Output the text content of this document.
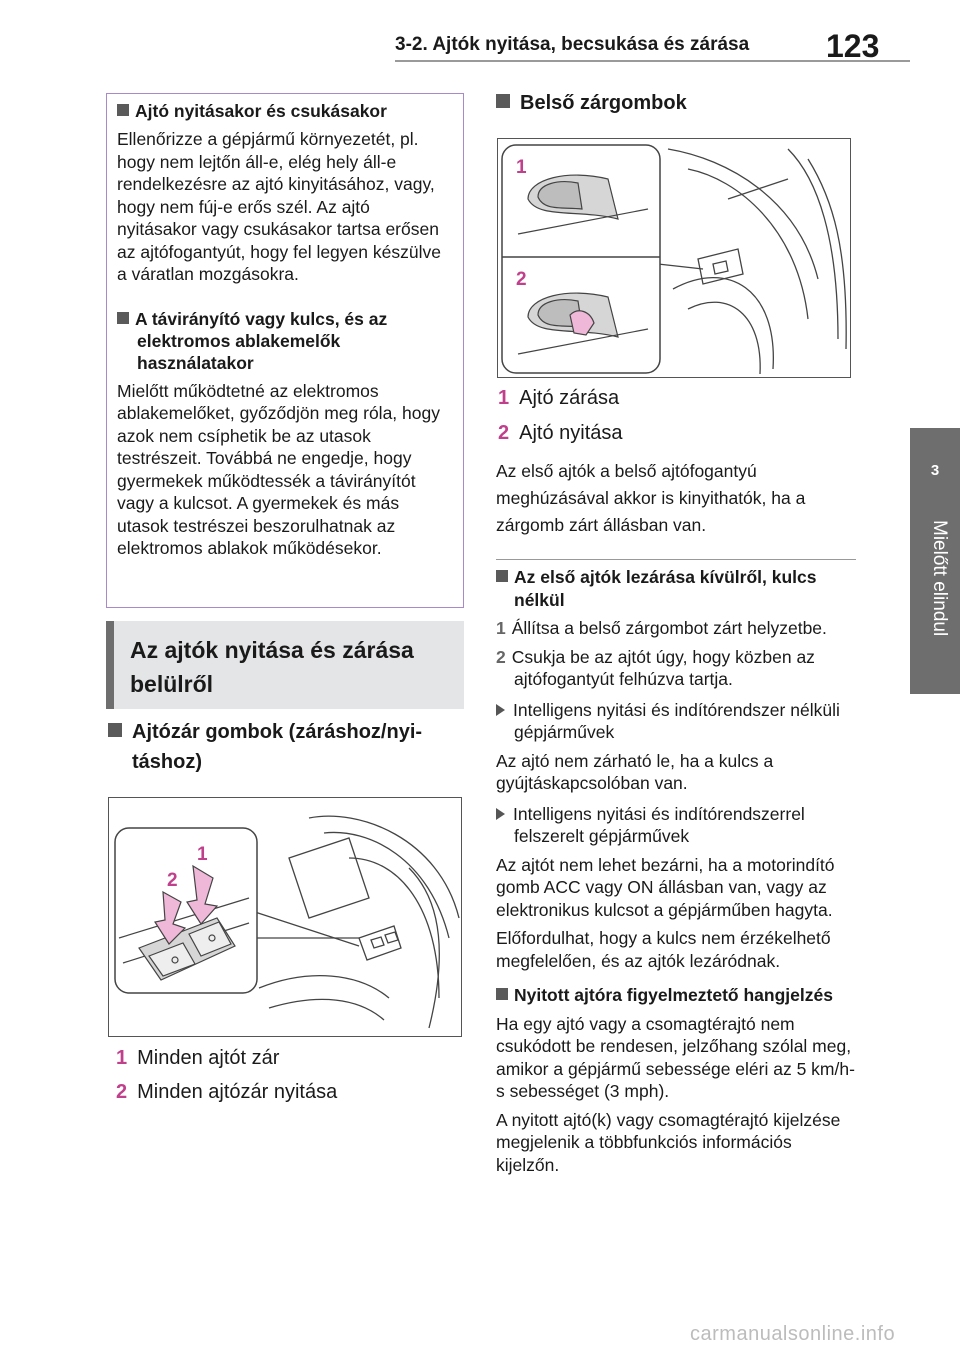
3-2. Ajtók nyitása, becsukása és zárása 123
3
Mielőtt elindul
Ajtó nyitásakor és csukásakor
Ellenőrizze a gépjármű környezetét, pl. hogy nem lejtőn áll-e, elég hely áll-e rendelkezésre az ajtó kinyitásához, vagy, hogy nem fúj-e erős szél. Az ajtó nyitásakor vagy csukásakor tartsa erősen az ajtófogantyút, hogy fel legyen készülve a váratlan mozgásokra.
A távirányító vagy kulcs, és az elektromos ablakemelők használatakor
Mielőtt működtetné az elektromos ablakemelőket, győződjön meg róla, hogy azok nem csíphetik be az utasok testrészeit. Továbbá ne engedje, hogy gyermekek működtessék a távirányítót vagy a kulcsot. A gyermekek és más utasok testrészei beszorulhatnak az elektromos ablakok működésekor.
Az ajtók nyitása és zárása
belülről
Ajtózár gombok (záráshoz/nyi-
táshoz)
1
2
1 Minden ajtót zár
2 Minden ajtózár nyitása
Belső zárgombok
1
2
1 Ajtó zárása
2 Ajtó nyitása
Az első ajtók a belső ajtófogantyú meghúzásával akkor is kinyithatók, ha a zárgomb zárt állásban van.
Az első ajtók lezárása kívülről, kulcs nélkül
1 Állítsa a belső zárgombot zárt helyzetbe.
2 Csukja be az ajtót úgy, hogy közben az ajtófogantyút felhúzva tartja.
Intelligens nyitási és indítórendszer nélküli gépjárművek
Az ajtó nem zárható le, ha a kulcs a gyújtáskapcsolóban van.
Intelligens nyitási és indítórendszerrel felszerelt gépjárművek
Az ajtót nem lehet bezárni, ha a motorindító gomb ACC vagy ON állásban van, vagy az elektronikus kulcsot a gépjárműben hagyta.
Előfordulhat, hogy a kulcs nem érzékelhető megfelelően, és az ajtók lezáródnak.
Nyitott ajtóra figyelmeztető hangjelzés
Ha egy ajtó vagy a csomagtérajtó nem csukódott be rendesen, jelzőhang szólal meg, amikor a gépjármű sebessége eléri az 5 km/h-s sebességet (3 mph).
A nyitott ajtó(k) vagy csomagtérajtó kijelzése megjelenik a többfunkciós információs kijelzőn.
carmanualsonline.info
